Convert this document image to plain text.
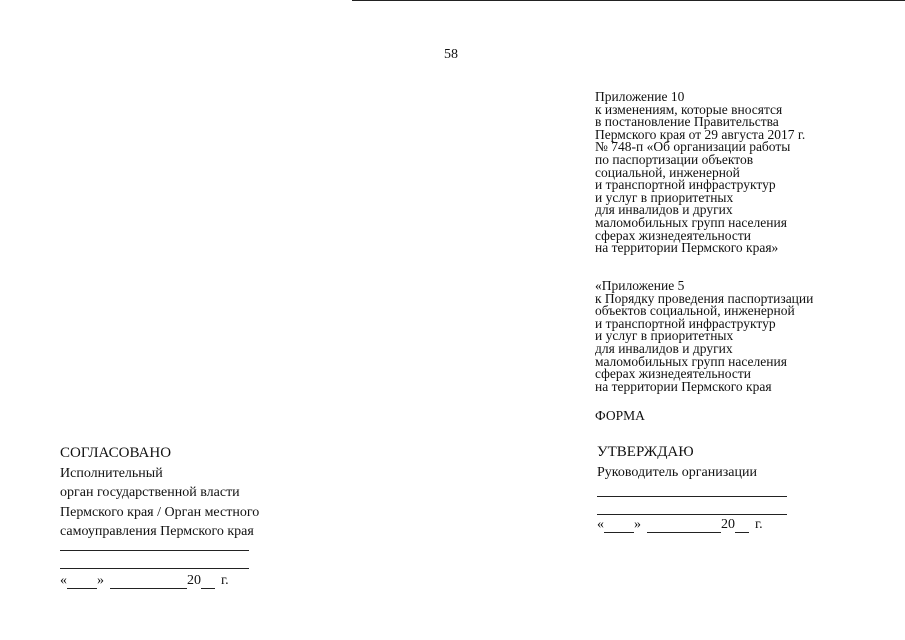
58
Приложение 10
к изменениям, которые вносятся
в постановление Правительства
Пермского края от 29 августа 2017 г.
№ 748-п «Об организации работы
по паспортизации объектов
социальной, инженерной
и транспортной инфраструктур
и услуг в приоритетных
для инвалидов и других
маломобильных групп населения
сферах жизнедеятельности
на территории Пермского края»
«Приложение 5
к Порядку проведения паспортизации
объектов социальной, инженерной
и транспортной инфраструктур
и услуг в приоритетных
для инвалидов и других
маломобильных групп населения
сферах жизнедеятельности
на территории Пермского края
ФОРМА
СОГЛАСОВАНО
Исполнительный
орган государственной власти
Пермского края / Орган местного
самоуправления Пермского края
« »	20 г.
УТВЕРЖДАЮ
Руководитель организации
« »	20 г.
